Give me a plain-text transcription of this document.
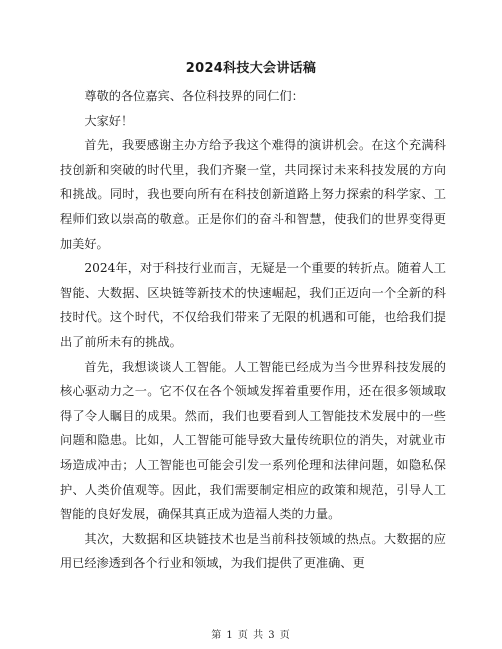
2024科技大会讲话稿

尊敬的各位嘉宾、各位科技界的同仁们：

大家好！

首先，我要感谢主办方给予我这个难得的演讲机会。在这个充满科技创新和突破的时代里，我们齐聚一堂，共同探讨未来科技发展的方向和挑战。同时，我也要向所有在科技创新道路上努力探索的科学家、工程师们致以崇高的敬意。正是你们的奋斗和智慧，使我们的世界变得更加美好。

2024年，对于科技行业而言，无疑是一个重要的转折点。随着人工智能、大数据、区块链等新技术的快速崛起，我们正迈向一个全新的科技时代。这个时代，不仅给我们带来了无限的机遇和可能，也给我们提出了前所未有的挑战。

首先，我想谈谈人工智能。人工智能已经成为当今世界科技发展的核心驱动力之一。它不仅在各个领域发挥着重要作用，还在很多领域取得了令人瞩目的成果。然而，我们也要看到人工智能技术发展中的一些问题和隐患。比如，人工智能可能导致大量传统职位的消失，对就业市场造成冲击；人工智能也可能会引发一系列伦理和法律问题，如隐私保护、人类价值观等。因此，我们需要制定相应的政策和规范，引导人工智能的良好发展，确保其真正成为造福人类的力量。

其次，大数据和区块链技术也是当前科技领域的热点。大数据的应用已经渗透到各个行业和领域，为我们提供了更准确、更

第 1 页 共 3 页
